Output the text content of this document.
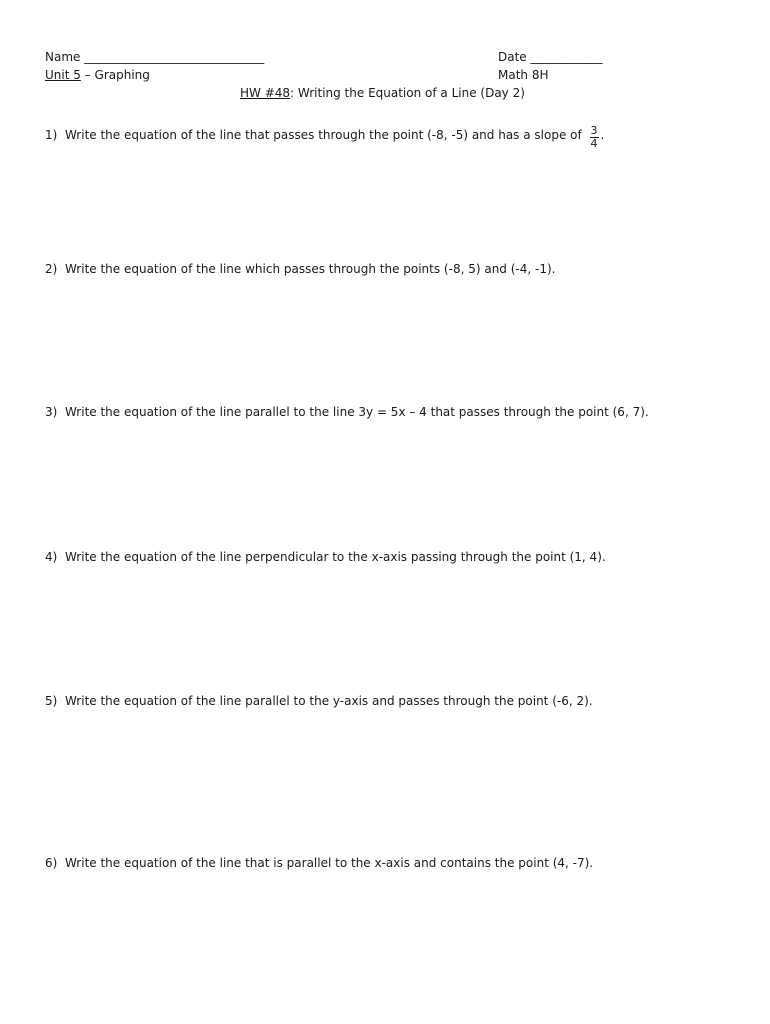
Name ______________________________	Date ____________
Unit 5 – Graphing	Math 8H
HW #48: Writing the Equation of a Line (Day 2)
1) Write the equation of the line that passes through the point (-8, -5) and has a slope of $\frac{3}{4}$ .
2) Write the equation of the line which passes through the points (-8, 5) and (-4, -1).
3) Write the equation of the line parallel to the line 3y = 5x – 4 that passes through the point (6, 7).
4) Write the equation of the line perpendicular to the x-axis passing through the point (1, 4).
5) Write the equation of the line parallel to the y-axis and passes through the point (-6, 2).
6) Write the equation of the line that is parallel to the x-axis and contains the point (4, -7).
